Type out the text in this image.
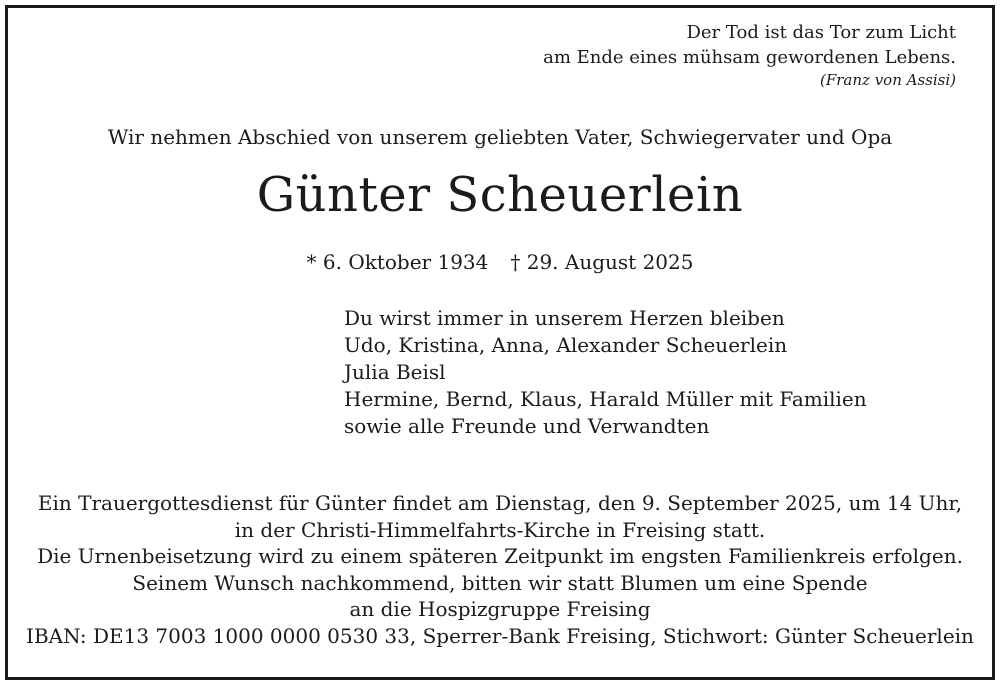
Der Tod ist das Tor zum Licht
am Ende eines mühsam gewordenen Lebens.
(Franz von Assisi)
Wir nehmen Abschied von unserem geliebten Vater, Schwiegervater und Opa
Günter Scheuerlein
* 6. Oktober 1934 † 29. August 2025
Du wirst immer in unserem Herzen bleiben
Udo, Kristina, Anna, Alexander Scheuerlein
Julia Beisl
Hermine, Bernd, Klaus, Harald Müller mit Familien
sowie alle Freunde und Verwandten
Ein Trauergottesdienst für Günter findet am Dienstag, den 9. September 2025, um 14 Uhr,
in der Christi-Himmelfahrts-Kirche in Freising statt.
Die Urnenbeisetzung wird zu einem späteren Zeitpunkt im engsten Familienkreis erfolgen.
Seinem Wunsch nachkommend, bitten wir statt Blumen um eine Spende
an die Hospizgruppe Freising
IBAN: DE13 7003 1000 0000 0530 33, Sperrer-Bank Freising, Stichwort: Günter Scheuerlein
